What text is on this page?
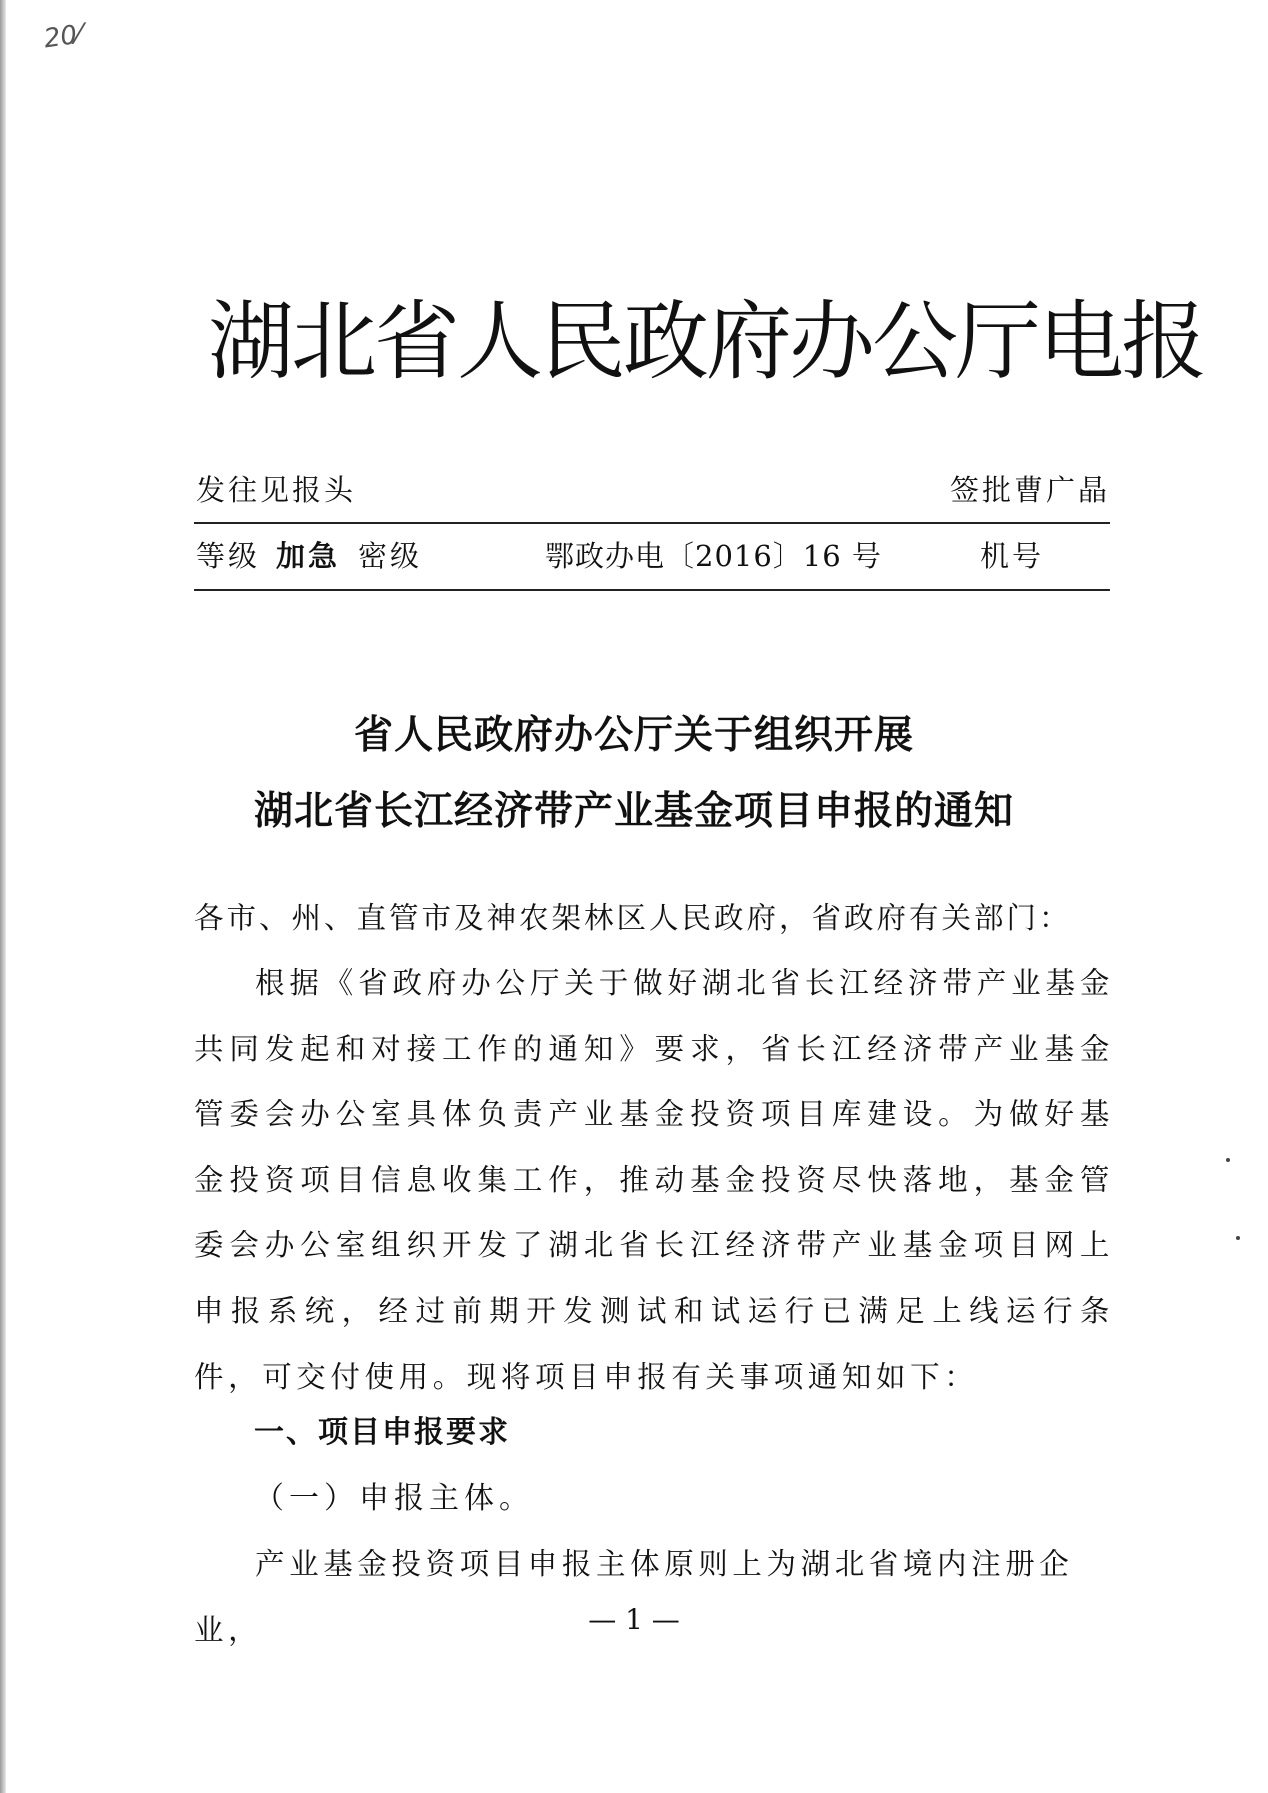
20⁄
湖北省人民政府办公厅电报
发往见报头	签批曹广晶
等级 加急 密级	鄂政办电〔2016〕16 号	机号
省人民政府办公厅关于组织开展
湖北省长江经济带产业基金项目申报的通知

各市、州、直管市及神农架林区人民政府，省政府有关部门：

根据《省政府办公厅关于做好湖北省长江经济带产业基金共同发起和对接工作的通知》要求，省长江经济带产业基金管委会办公室具体负责产业基金投资项目库建设。为做好基金投资项目信息收集工作，推动基金投资尽快落地，基金管委会办公室组织开发了湖北省长江经济带产业基金项目网上申报系统，经过前期开发测试和试运行已满足上线运行条件，可交付使用。现将项目申报有关事项通知如下：

一、项目申报要求
（一）申报主体。

产业基金投资项目申报主体原则上为湖北省境内注册企业，	— 1 —
